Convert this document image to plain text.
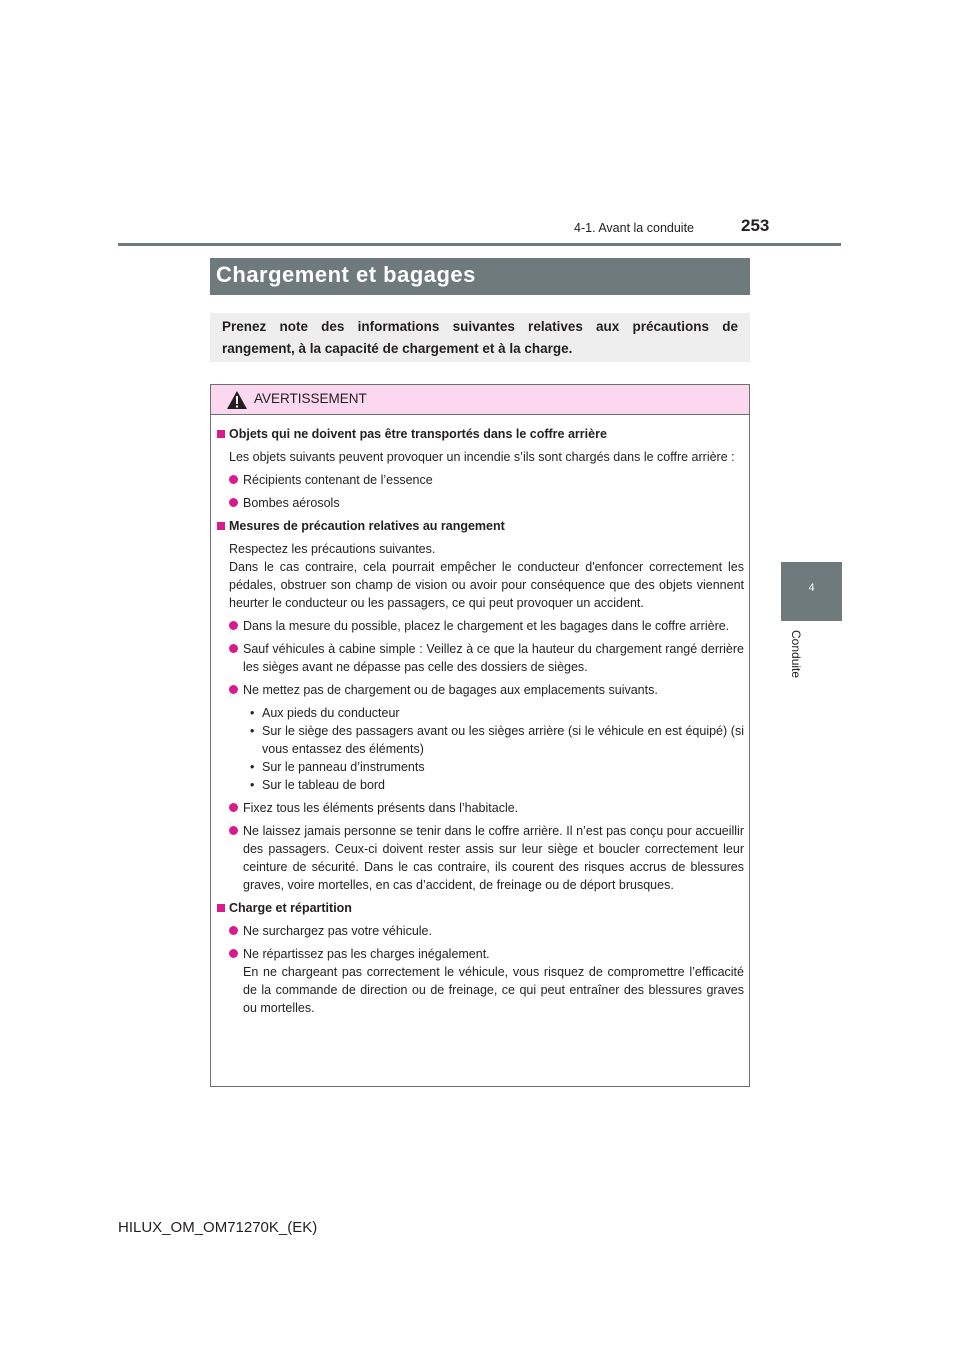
253
4-1. Avant la conduite
4
Conduite
Chargement et bagages
Prenez note des informations suivantes relatives aux précautions de rangement, à la capacité de chargement et à la charge.
AVERTISSEMENT
Objets qui ne doivent pas être transportés dans le coffre arrière
Les objets suivants peuvent provoquer un incendie s’ils sont chargés dans le coffre arrière :
Récipients contenant de l’essence
Bombes aérosols
Mesures de précaution relatives au rangement
Respectez les précautions suivantes.
Dans le cas contraire, cela pourrait empêcher le conducteur d'enfoncer correctement les pédales, obstruer son champ de vision ou avoir pour conséquence que des objets viennent heurter le conducteur ou les passagers, ce qui peut provoquer un accident.
Dans la mesure du possible, placez le chargement et les bagages dans le coffre arrière.
Sauf véhicules à cabine simple : Veillez à ce que la hauteur du chargement rangé derrière les sièges avant ne dépasse pas celle des dossiers de sièges.
Ne mettez pas de chargement ou de bagages aux emplacements suivants.
• Aux pieds du conducteur
• Sur le siège des passagers avant ou les sièges arrière (si le véhicule en est équipé) (si vous entassez des éléments)
• Sur le panneau d’instruments
• Sur le tableau de bord
Fixez tous les éléments présents dans l’habitacle.
Ne laissez jamais personne se tenir dans le coffre arrière. Il n’est pas conçu pour accueillir des passagers. Ceux-ci doivent rester assis sur leur siège et boucler correctement leur ceinture de sécurité. Dans le cas contraire, ils courent des risques accrus de blessures graves, voire mortelles, en cas d’accident, de freinage ou de déport brusques.
Charge et répartition
Ne surchargez pas votre véhicule.
Ne répartissez pas les charges inégalement.
En ne chargeant pas correctement le véhicule, vous risquez de compromettre l’efficacité de la commande de direction ou de freinage, ce qui peut entraîner des blessures graves ou mortelles.
HILUX_OM_OM71270K_(EK)
